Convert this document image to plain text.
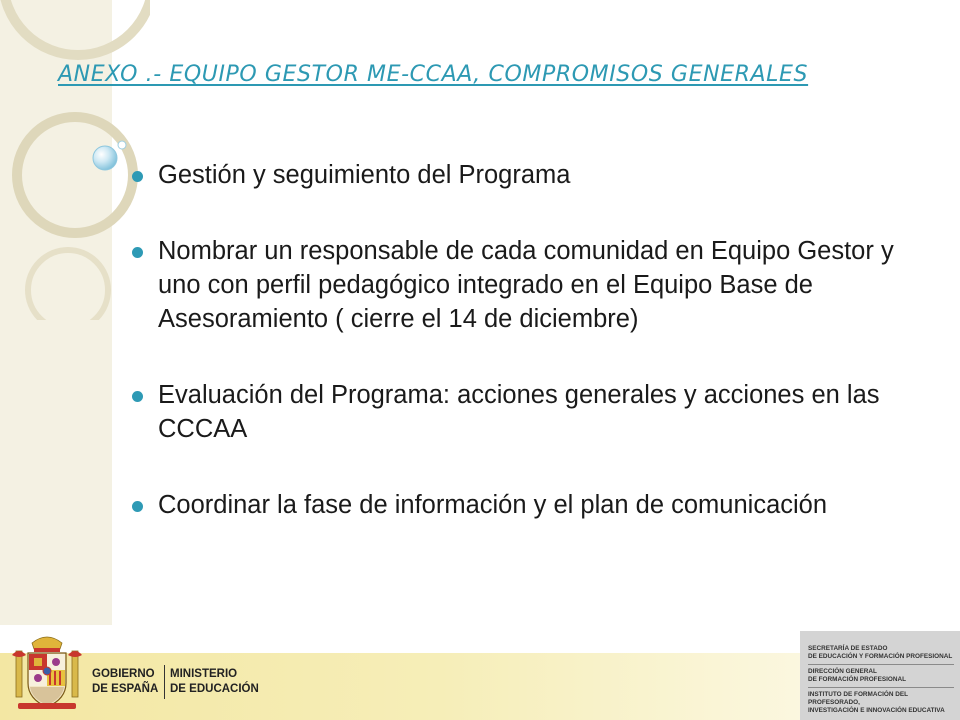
ANEXO .- EQUIPO GESTOR ME-CCAA, COMPROMISOS GENERALES
Gestión y seguimiento del Programa
Nombrar un responsable de cada comunidad en Equipo Gestor y uno con perfil pedagógico integrado en el Equipo Base de Asesoramiento ( cierre el 14 de diciembre)
Evaluación del Programa: acciones generales y acciones en las CCCAA
Coordinar la fase de información y el plan de comunicación
GOBIERNO
DE ESPAÑA
MINISTERIO
DE EDUCACIÓN
SECRETARÍA DE ESTADO
DE EDUCACIÓN Y FORMACIÓN PROFESIONAL
DIRECCIÓN GENERAL
DE FORMACIÓN PROFESIONAL
INSTITUTO DE FORMACIÓN DEL PROFESORADO,
INVESTIGACIÓN E INNOVACIÓN EDUCATIVA
